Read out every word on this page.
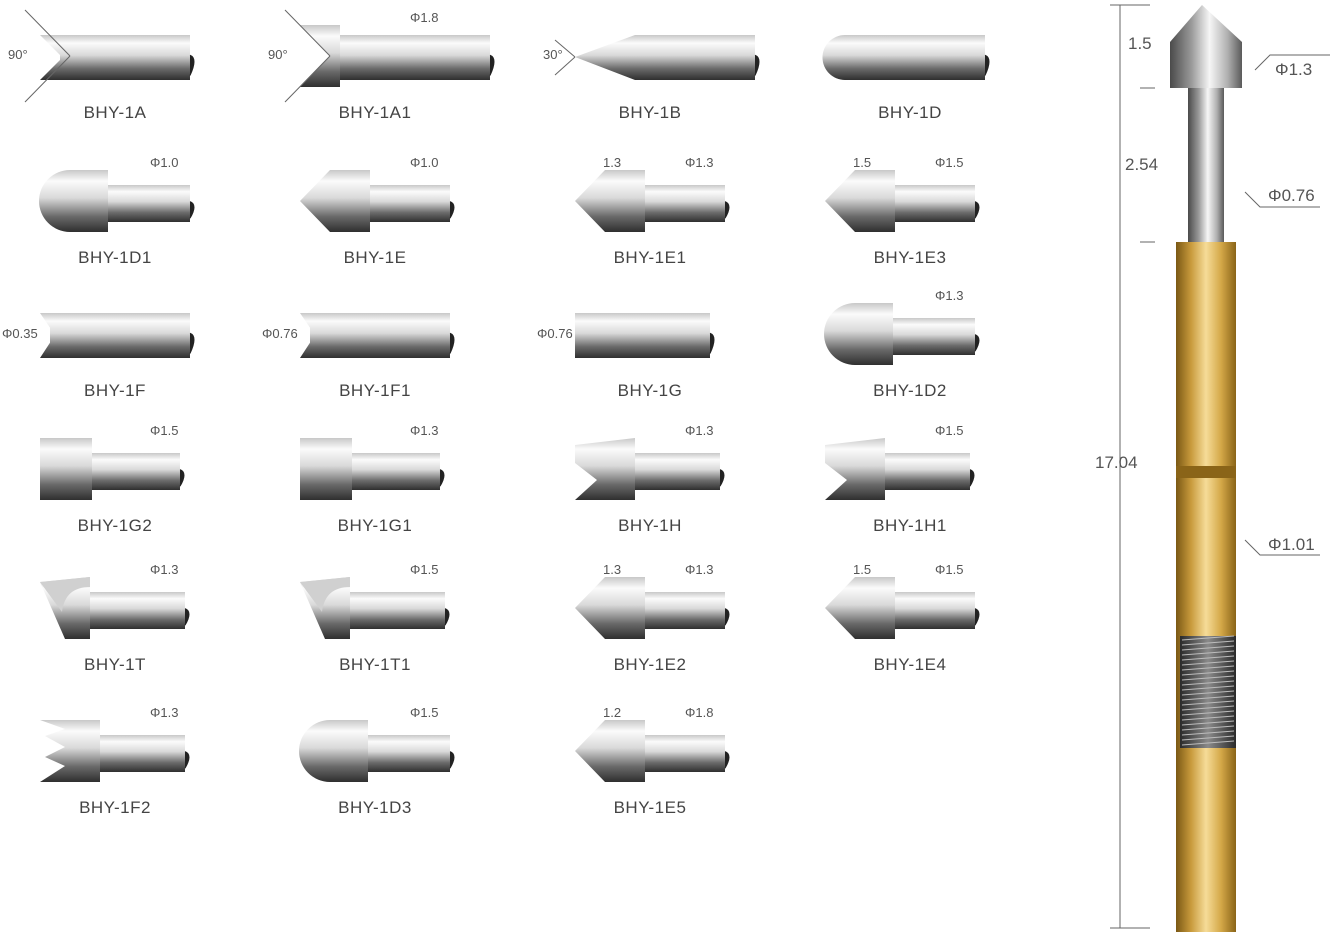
BHY-1A
90°
BHY-1A1
Φ1.8
90°
BHY-1B
30°
BHY-1D
BHY-1D1
Φ1.0
BHY-1E
Φ1.0
BHY-1E1
Φ1.3
1.3
BHY-1E3
Φ1.5
1.5
BHY-1F
Φ0.35
BHY-1F1
Φ0.76
BHY-1G
Φ0.76
BHY-1D2
Φ1.3
BHY-1G2
Φ1.5
BHY-1G1
Φ1.3
BHY-1H
Φ1.3
BHY-1H1
Φ1.5
BHY-1T
Φ1.3
BHY-1T1
Φ1.5
BHY-1E2
Φ1.3
1.3
BHY-1E4
Φ1.5
1.5
BHY-1F2
Φ1.3
BHY-1D3
Φ1.5
BHY-1E5
Φ1.8
1.2
1.5
2.54
17.04
Φ1.3
Φ0.76
Φ1.01
